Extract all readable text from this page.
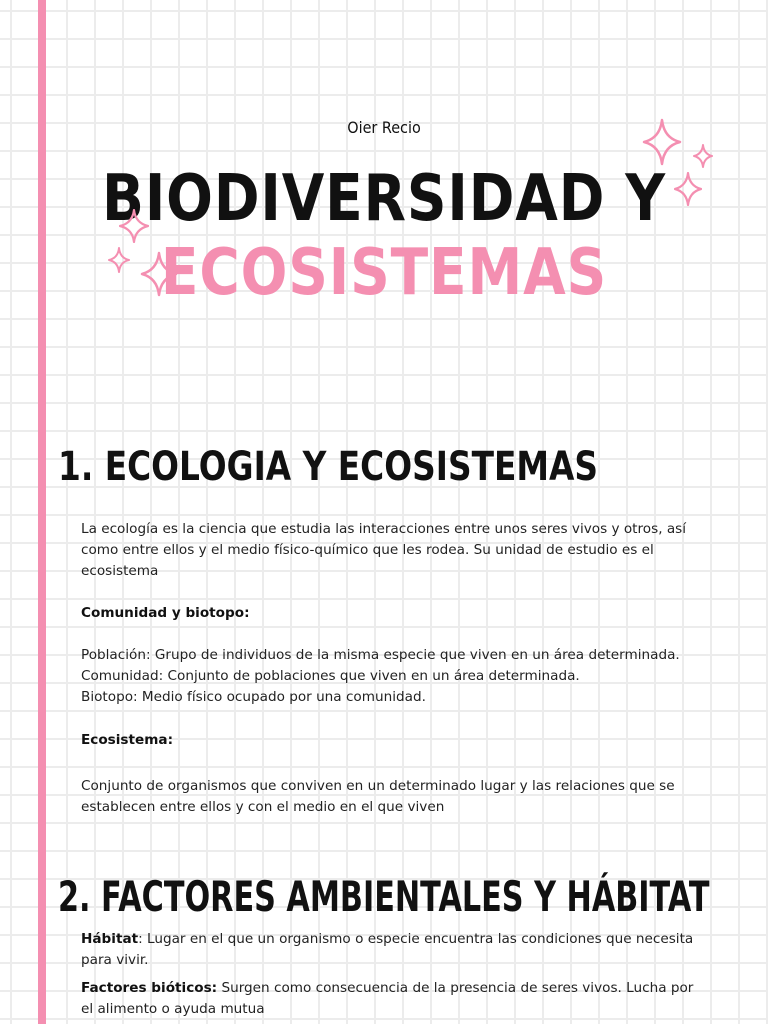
Oier Recio
BIODIVERSIDAD Y
ECOSISTEMAS
1. ECOLOGIA Y ECOSISTEMAS
La ecología es la ciencia que estudia las interacciones entre unos seres vivos y otros, así como entre ellos y el medio físico-químico que les rodea. Su unidad de estudio es el ecosistema
Comunidad y biotopo:
Población: Grupo de individuos de la misma especie que viven en un área determinada.
Comunidad: Conjunto de poblaciones que viven en un área determinada.
Biotopo: Medio físico ocupado por una comunidad.
Ecosistema:
Conjunto de organismos que conviven en un determinado lugar y las relaciones que se establecen entre ellos y con el medio en el que viven
2. FACTORES AMBIENTALES Y HÁBITAT
Hábitat: Lugar en el que un organismo o especie encuentra las condiciones que necesita para vivir.
Factores bióticos: Surgen como consecuencia de la presencia de seres vivos. Lucha por el alimento o ayuda mutua
